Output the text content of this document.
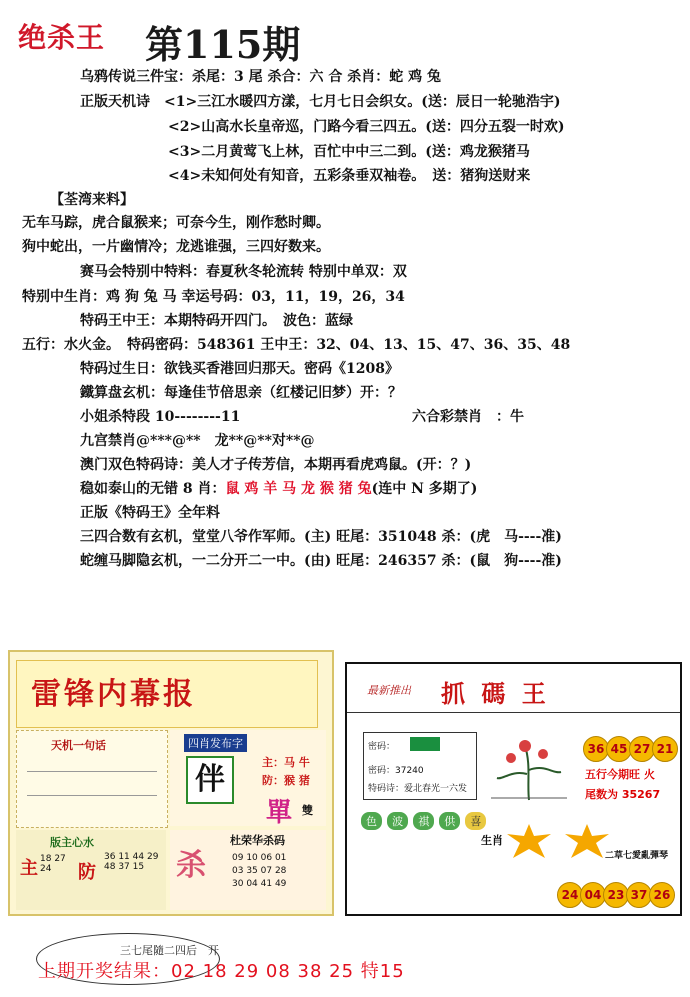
绝杀王 第115期
乌鸦传说三件宝：杀尾：3 尾 杀合：六 合 杀肖：蛇 鸡 兔
正版天机诗　<1>三江水暖四方漾，七月七日会织女。(送：辰日一轮驰浩宇)
<2>山高水长皇帝巡，门路今看三四五。(送：四分五裂一时欢)
<3>二月黄莺飞上林，百忙中中三二到。(送：鸡龙猴猪马
<4>未知何处有知音，五彩条垂双袖卷。　送：猪狗送财来
【荃湾来料】
无车马踪，虎合鼠猴来；可奈今生，刚作愁时卿。
狗中蛇出，一片幽情冷；龙逃谁强，三四好数来。
赛马会特别中特料：春夏秋冬轮流转 特别中单双：双
特别中生肖：鸡 狗 兔 马 幸运号码：03，11，19，26，34
特码王中王：本期特码开四门。　波色：蓝绿
五行：水火金。　特码密码：548361 王中王：32、04、13、15、47、36、35、48
特码过生日：欲钱买香港回归那天。密码《1208》
鐵算盘玄机：每逢佳节倍思亲（红楼记旧梦）开：？
小姐杀特段 10--------11	六合彩禁肖　：牛
九宫禁肖@***@**　龙**@**对**@
澳门双色特码诗：美人才子传芳信，本期再看虎鸡鼠。(开：？)
稳如泰山的无错 8 肖：鼠 鸡 羊 马 龙 猴 猪 兔(连中 N 多期了)
正版《特码王》全年料
三四合数有玄机，堂堂八爷作军师。(主) 旺尾：351048 杀：(虎　马----准)
蛇缠马脚隐玄机，一二分开二一中。(由) 旺尾：246357 杀：(鼠　狗----准)
雷锋内幕报
天机一句话	四肖发布字
伴	主：马 牛
防：猴 猪
單 雙
版主心水
主 防
18 27 24
36 11 44 29 48 37 15	杀
杜荣华杀码
09 10 06 01
03 35 07 28
30 04 41 49
最新推出 抓 碼 王
密码：
密码：37240
特码诗：爱北春光一六发
36 45 27 21
五行今期旺 火
尾数为 35267
色 波 祺 供 喜
生肖
二草七愛亂彈琴
24 04 23 37 26
三七尾隨二四后　开
上期开奖结果：02 18 29 08 38 25 特15
